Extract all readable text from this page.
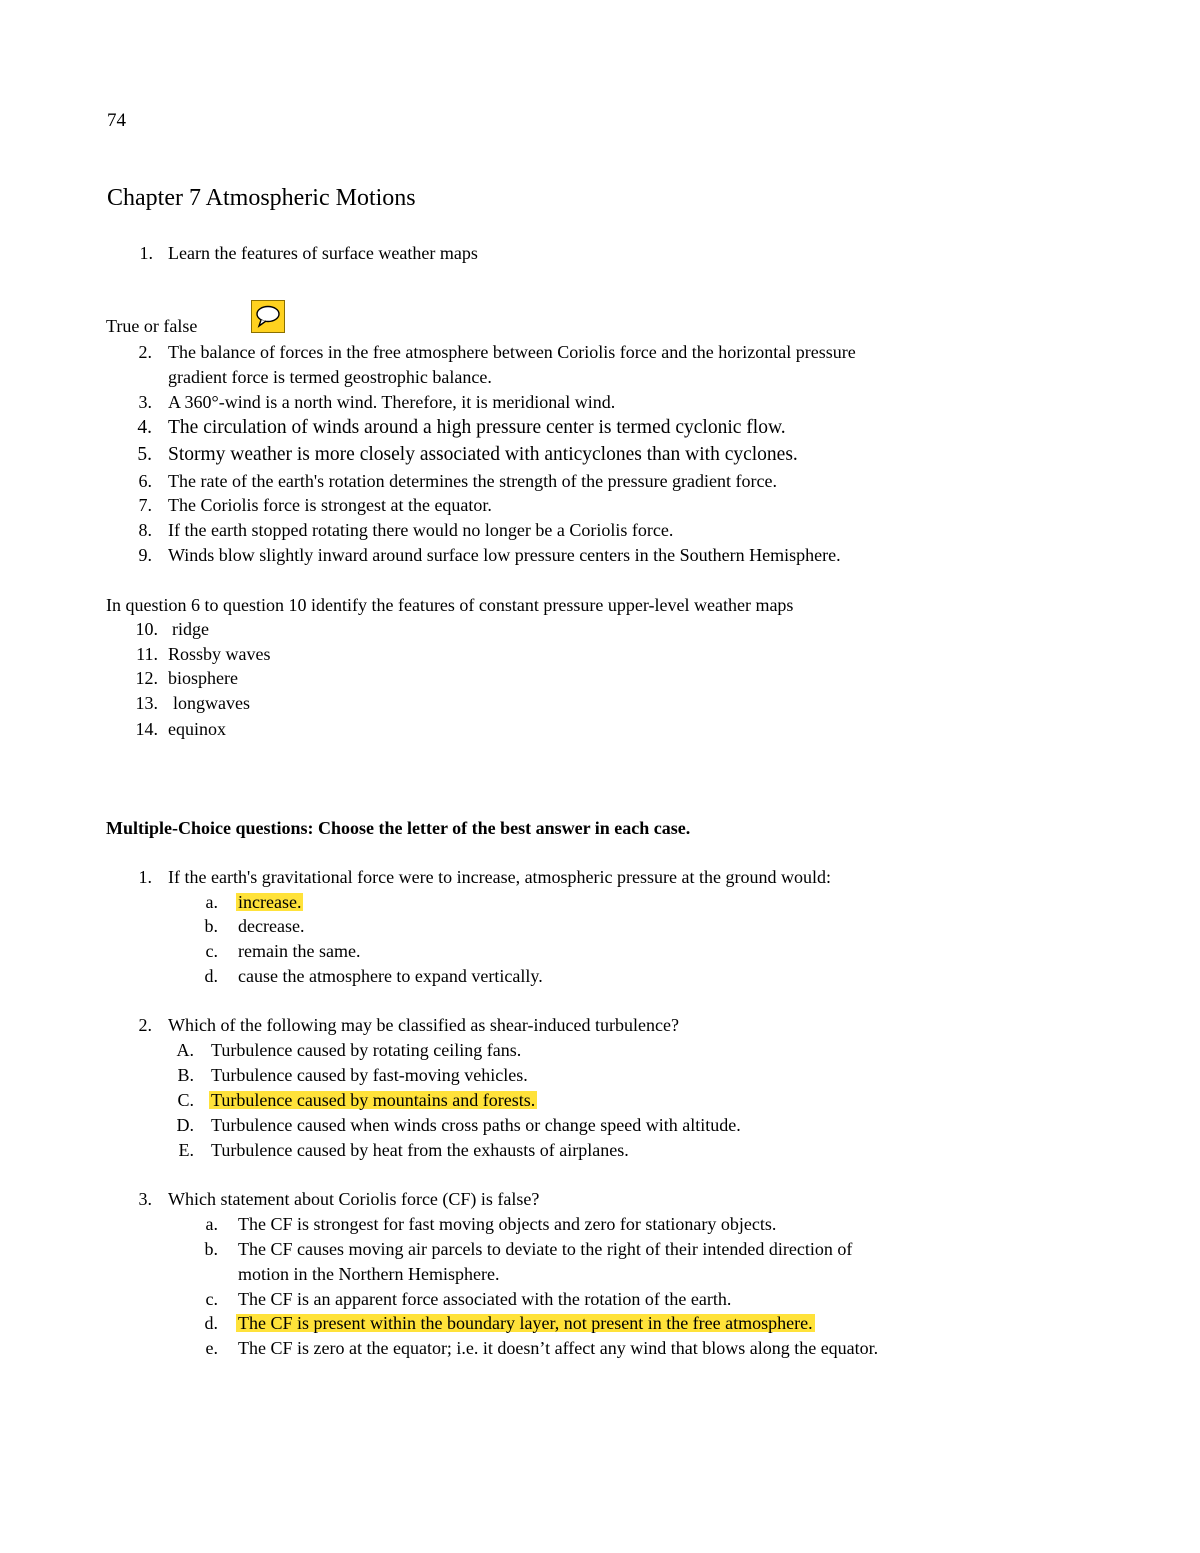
74
Chapter 7 Atmospheric Motions
1. Learn the features of surface weather maps
True or false
2. The balance of forces in the free atmosphere between Coriolis force and the horizontal pressure
gradient force is termed geostrophic balance.
3. A 360°-wind is a north wind. Therefore, it is meridional wind.
4. The circulation of winds around a high pressure center is termed cyclonic flow.
5. Stormy weather is more closely associated with anticyclones than with cyclones.
6. The rate of the earth's rotation determines the strength of the pressure gradient force.
7. The Coriolis force is strongest at the equator.
8. If the earth stopped rotating there would no longer be a Coriolis force.
9. Winds blow slightly inward around surface low pressure centers in the Southern Hemisphere.
In question 6 to question 10 identify the features of constant pressure upper-level weather maps
10. ridge
11. Rossby waves
12. biosphere
13. longwaves
14. equinox
Multiple-Choice questions: Choose the letter of the best answer in each case.
1. If the earth's gravitational force were to increase, atmospheric pressure at the ground would:
a. increase.
b. decrease.
c. remain the same.
d. cause the atmosphere to expand vertically.
2. Which of the following may be classified as shear-induced turbulence?
A. Turbulence caused by rotating ceiling fans.
B. Turbulence caused by fast-moving vehicles.
C. Turbulence caused by mountains and forests.
D. Turbulence caused when winds cross paths or change speed with altitude.
E. Turbulence caused by heat from the exhausts of airplanes.
3. Which statement about Coriolis force (CF) is false?
a. The CF is strongest for fast moving objects and zero for stationary objects.
b. The CF causes moving air parcels to deviate to the right of their intended direction of
motion in the Northern Hemisphere.
c. The CF is an apparent force associated with the rotation of the earth.
d. The CF is present within the boundary layer, not present in the free atmosphere.
e. The CF is zero at the equator; i.e. it doesn’t affect any wind that blows along the equator.
